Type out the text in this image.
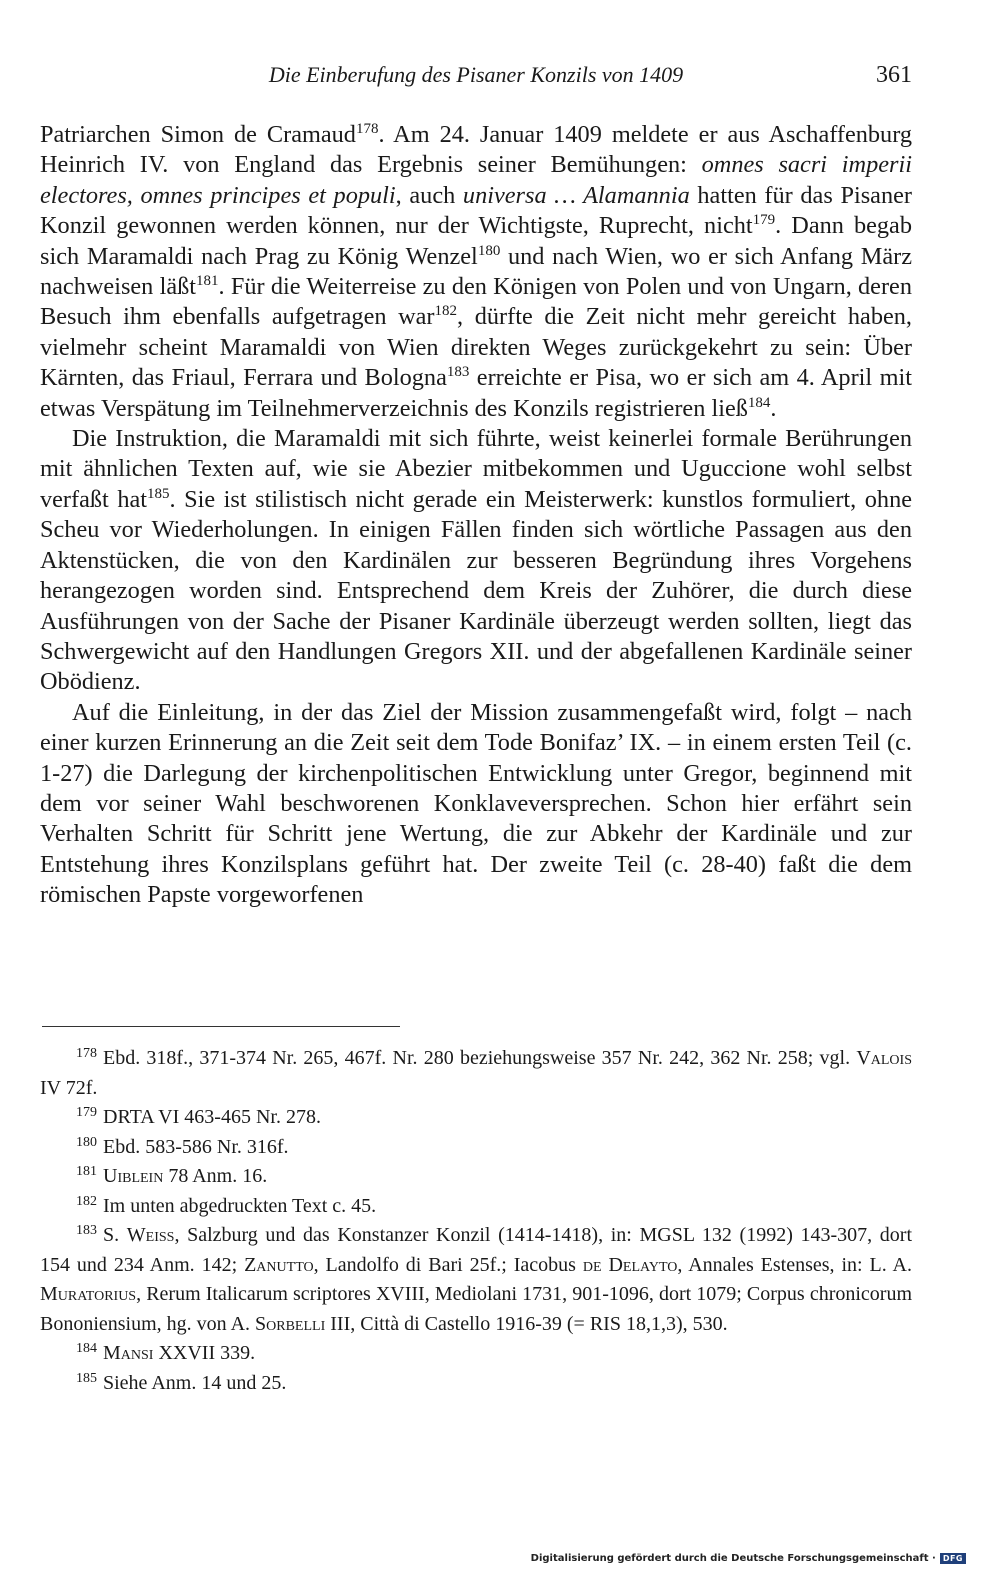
Die Einberufung des Pisaner Konzils von 1409	361

Patriarchen Simon de Cramaud$^{178}$. Am 24. Januar 1409 meldete er aus Aschaffenburg Heinrich IV. von England das Ergebnis seiner Bemühungen: omnes sacri imperii electores, omnes principes et populi, auch universa … Alamannia hatten für das Pisaner Konzil gewonnen werden können, nur der Wichtigste, Ruprecht, nicht$^{179}$. Dann begab sich Maramaldi nach Prag zu König Wenzel$^{180}$ und nach Wien, wo er sich Anfang März nachweisen läßt$^{181}$. Für die Weiterreise zu den Königen von Polen und von Ungarn, deren Besuch ihm ebenfalls aufgetragen war$^{182}$, dürfte die Zeit nicht mehr gereicht haben, vielmehr scheint Maramaldi von Wien direkten Weges zurückgekehrt zu sein: Über Kärnten, das Friaul, Ferrara und Bologna$^{183}$ erreichte er Pisa, wo er sich am 4. April mit etwas Verspätung im Teilnehmerverzeichnis des Konzils registrieren ließ$^{184}$.

Die Instruktion, die Maramaldi mit sich führte, weist keinerlei formale Berührungen mit ähnlichen Texten auf, wie sie Abezier mitbekommen und Uguccione wohl selbst verfaßt hat$^{185}$. Sie ist stilistisch nicht gerade ein Meisterwerk: kunstlos formuliert, ohne Scheu vor Wiederholungen. In einigen Fällen finden sich wörtliche Passagen aus den Aktenstücken, die von den Kardinälen zur besseren Begründung ihres Vorgehens herangezogen worden sind. Entsprechend dem Kreis der Zuhörer, die durch diese Ausführungen von der Sache der Pisaner Kardinäle überzeugt werden sollten, liegt das Schwergewicht auf den Handlungen Gregors XII. und der abgefallenen Kardinäle seiner Obödienz.

Auf die Einleitung, in der das Ziel der Mission zusammengefaßt wird, folgt – nach einer kurzen Erinnerung an die Zeit seit dem Tode Bonifaz’ IX. – in einem ersten Teil (c. 1-27) die Darlegung der kirchenpolitischen Entwicklung unter Gregor, beginnend mit dem vor seiner Wahl beschworenen Konklaveversprechen. Schon hier erfährt sein Verhalten Schritt für Schritt jene Wertung, die zur Abkehr der Kardinäle und zur Entstehung ihres Konzilsplans geführt hat. Der zweite Teil (c. 28-40) faßt die dem römischen Papste vorgeworfenen

$^{178}$ Ebd. 318f., 371-374 Nr. 265, 467f. Nr. 280 beziehungsweise 357 Nr. 242, 362 Nr. 258; vgl. Valois IV 72f.

$^{179}$ DRTA VI 463-465 Nr. 278.

$^{180}$ Ebd. 583-586 Nr. 316f.

$^{181}$ Uiblein 78 Anm. 16.

$^{182}$ Im unten abgedruckten Text c. 45.

$^{183}$ S. Weiss, Salzburg und das Konstanzer Konzil (1414-1418), in: MGSL 132 (1992) 143-307, dort 154 und 234 Anm. 142; Zanutto, Landolfo di Bari 25f.; Iacobus de Delayto, Annales Estenses, in: L. A. Muratorius, Rerum Italicarum scriptores XVIII, Mediolani 1731, 901-1096, dort 1079; Corpus chronicorum Bononiensium, hg. von A. Sorbelli III, Città di Castello 1916-39 (= RIS 18,1,3), 530.

$^{184}$ Mansi XXVII 339.

$^{185}$ Siehe Anm. 14 und 25.

Digitalisierung gefördert durch die Deutsche Forschungsgemeinschaft · DFG
